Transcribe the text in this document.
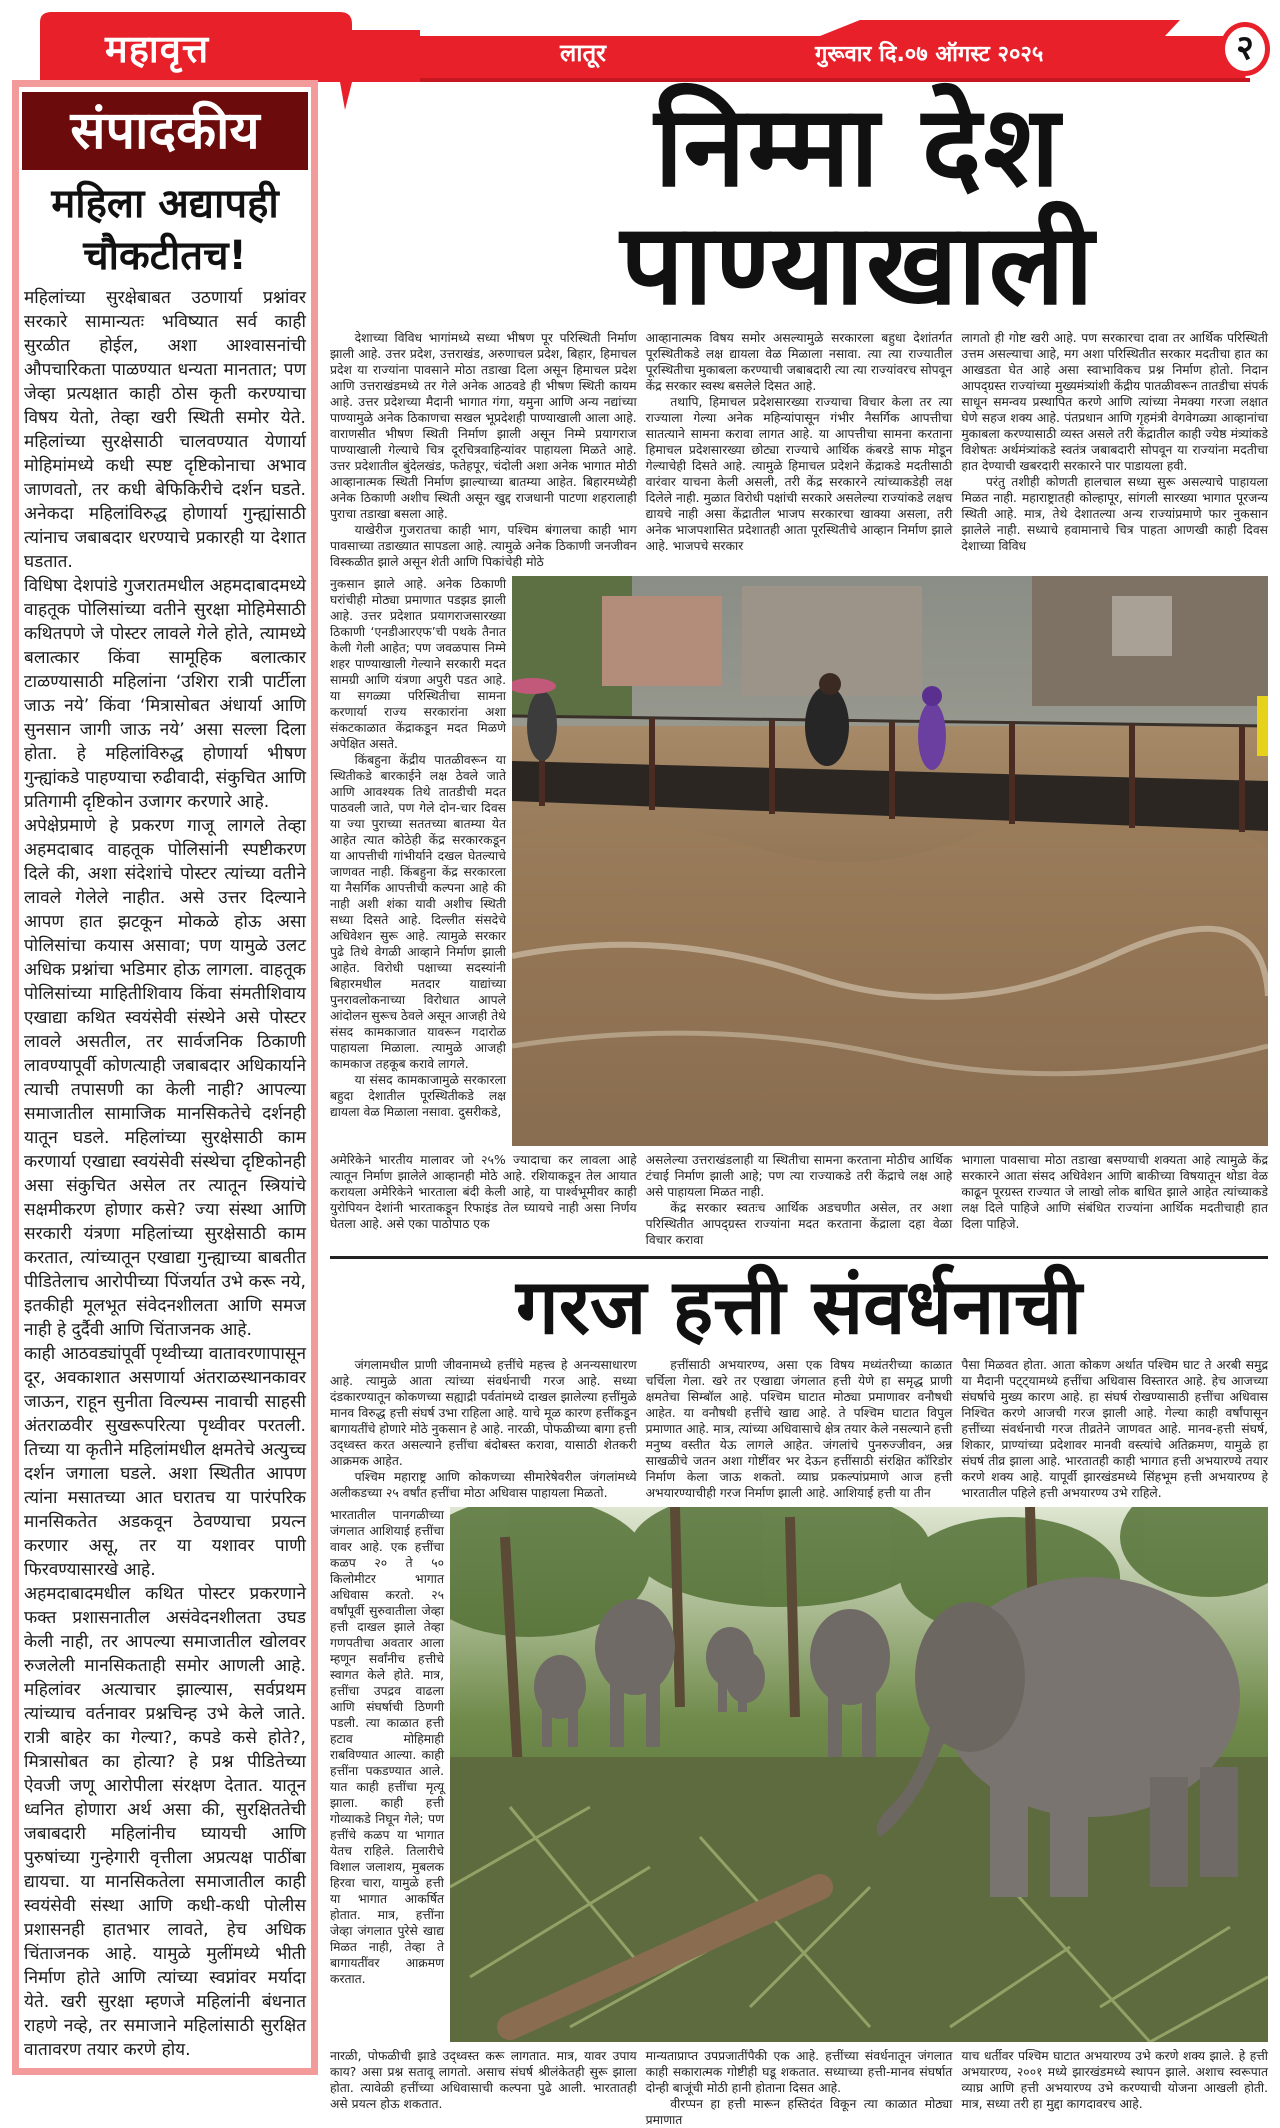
महावृत्त	लातूर	गुरूवार दि.०७ ऑगस्ट २०२५	२
संपादकीय
महिला अद्यापही
चौकटीतच!

महिलांच्या सुरक्षेबाबत उठणार्या प्रश्नांवर सरकारे सामान्यतः भविष्यात सर्व काही सुरळीत होईल, अशा आश्वासनांची औपचारिकता पाळण्यात धन्यता मानतात; पण जेव्हा प्रत्यक्षात काही ठोस कृती करण्याचा विषय येतो, तेव्हा खरी स्थिती समोर येते. महिलांच्या सुरक्षेसाठी चालवण्यात येणार्या मोहिमांमध्ये कधी स्पष्ट दृष्टिकोनाचा अभाव जाणवतो, तर कधी बेफिकिरीचे दर्शन घडते. अनेकदा महिलांविरुद्ध होणार्या गुन्ह्यांसाठी त्यांनाच जबाबदार धरण्याचे प्रकारही या देशात घडतात.

विधिषा देशपांडे गुजरातमधील अहमदाबादमध्ये वाहतूक पोलिसांच्या वतीने सुरक्षा मोहिमेसाठी कथितपणे जे पोस्टर लावले गेले होते, त्यामध्ये बलात्कार किंवा सामूहिक बलात्कार टाळण्यासाठी महिलांना ‘उशिरा रात्री पार्टीला जाऊ नये’ किंवा ‘मित्रासोबत अंधार्या आणि सुनसान जागी जाऊ नये’ असा सल्ला दिला होता. हे महिलांविरुद्ध होणार्या भीषण गुन्ह्यांकडे पाहण्याचा रुढीवादी, संकुचित आणि प्रतिगामी दृष्टिकोन उजागर करणारे आहे.

अपेक्षेप्रमाणे हे प्रकरण गाजू लागले तेव्हा अहमदाबाद वाहतूक पोलिसांनी स्पष्टीकरण दिले की, अशा संदेशांचे पोस्टर त्यांच्या वतीने लावले गेलेले नाहीत. असे उत्तर दिल्याने आपण हात झटकून मोकळे होऊ असा पोलिसांचा कयास असावा; पण यामुळे उलट अधिक प्रश्नांचा भडिमार होऊ लागला. वाहतूक पोलिसांच्या माहितीशिवाय किंवा संमतीशिवाय एखाद्या कथित स्वयंसेवी संस्थेने असे पोस्टर लावले असतील, तर सार्वजनिक ठिकाणी लावण्यापूर्वी कोणत्याही जबाबदार अधिकार्याने त्याची तपासणी का केली नाही? आपल्या समाजातील सामाजिक मानसिकतेचे दर्शनही यातून घडले. महिलांच्या सुरक्षेसाठी काम करणार्या एखाद्या स्वयंसेवी संस्थेचा दृष्टिकोनही असा संकुचित असेल तर त्यातून स्त्रियांचे सक्षमीकरण होणार कसे? ज्या संस्था आणि सरकारी यंत्रणा महिलांच्या सुरक्षेसाठी काम करतात, त्यांच्यातून एखाद्या गुन्ह्याच्या बाबतीत पीडितेलाच आरोपीच्या पिंजर्यात उभे करू नये, इतकीही मूलभूत संवेदनशीलता आणि समज नाही हे दुर्दैवी आणि चिंताजनक आहे.

काही आठवड्यांपूर्वी पृथ्वीच्या वातावरणापासून दूर, अवकाशात असणार्या अंतराळस्थानकावर जाऊन, राहून सुनीता विल्यम्स नावाची साहसी अंतराळवीर सुखरूपरित्या पृथ्वीवर परतली. तिच्या या कृतीने महिलांमधील क्षमतेचे अत्युच्च दर्शन जगाला घडले. अशा स्थितीत आपण त्यांना मसातच्या आत घरातच या पारंपरिक मानसिकतेत अडकवून ठेवण्याचा प्रयत्न करणार असू, तर या यशावर पाणी फिरवण्यासारखे आहे.

अहमदाबादमधील कथित पोस्टर प्रकरणाने फक्त प्रशासनातील असंवेदनशीलता उघड केली नाही, तर आपल्या समाजातील खोलवर रुजलेली मानसिकताही समोर आणली आहे. महिलांवर अत्याचार झाल्यास, सर्वप्रथम त्यांच्याच वर्तनावर प्रश्नचिन्ह उभे केले जाते. रात्री बाहेर का गेल्या?, कपडे कसे होते?, मित्रासोबत का होत्या? हे प्रश्न पीडितेच्या ऐवजी जणू आरोपीला संरक्षण देतात. यातून ध्वनित होणारा अर्थ असा की, सुरक्षिततेची जबाबदारी महिलांनीच घ्यायची आणि पुरुषांच्या गुन्हेगारी वृत्तीला अप्रत्यक्ष पाठींबा द्यायचा. या मानसिकतेला समाजातील काही स्वयंसेवी संस्था आणि कधी-कधी पोलीस प्रशासनही हातभार लावते, हेच अधिक चिंताजनक आहे. यामुळे मुलींमध्ये भीती निर्माण होते आणि त्यांच्या स्वप्नांवर मर्यादा येते. खरी सुरक्षा म्हणजे महिलांनी बंधनात राहणे नव्हे, तर समाजाने महिलांसाठी सुरक्षित वातावरण तयार करणे होय.

निम्मा देश पाण्याखाली

देशाच्या विविध भागांमध्ये सध्या भीषण पूर परिस्थिती निर्माण झाली आहे. उत्तर प्रदेश, उत्तराखंड, अरुणाचल प्रदेश, बिहार, हिमाचल प्रदेश या राज्यांना पावसाने मोठा तडाखा दिला असून हिमाचल प्रदेश आणि उत्तराखंडमध्ये तर गेले अनेक आठवडे ही भीषण स्थिती कायम आहे. उत्तर प्रदेशच्या मैदानी भागात गंगा, यमुना आणि अन्य नद्यांच्या पाण्यामुळे अनेक ठिकाणचा सखल भूप्रदेशही पाण्याखाली आला आहे. वाराणसीत भीषण स्थिती निर्माण झाली असून निम्मे प्रयागराज पाण्याखाली गेल्याचे चित्र दूरचित्रवाहिन्यांवर पाहायला मिळते आहे. उत्तर प्रदेशातील बुंदेलखंड, फतेहपूर, चंदोली अशा अनेक भागात मोठी आव्हानात्मक स्थिती निर्माण झाल्याच्या बातम्या आहेत. बिहारमध्येही अनेक ठिकाणी अशीच स्थिती असून खुद्द राजधानी पाटणा शहरालाही पुराचा तडाखा बसला आहे.

याखेरीज गुजरातचा काही भाग, पश्चिम बंगालचा काही भाग पावसाच्या तडाख्यात सापडला आहे. त्यामुळे अनेक ठिकाणी जनजीवन विस्कळीत झाले असून शेती आणि पिकांचेही मोठे

आव्हानात्मक विषय समोर असल्यामुळे सरकारला बहुधा देशांतर्गत पूरस्थितीकडे लक्ष द्यायला वेळ मिळाला नसावा. त्या त्या राज्यातील पूरस्थितीचा मुकाबला करण्याची जबाबदारी त्या त्या राज्यांवरच सोपवून केंद्र सरकार स्वस्थ बसलेले दिसत आहे.

तथापि, हिमाचल प्रदेशसारख्या राज्याचा विचार केला तर त्या राज्याला गेल्या अनेक महिन्यांपासून गंभीर नैसर्गिक आपत्तीचा सातत्याने सामना करावा लागत आहे. या आपत्तीचा सामना करताना हिमाचल प्रदेशसारख्या छोट्या राज्याचे आर्थिक कंबरडे साफ मोडून गेल्याचेही दिसते आहे. त्यामुळे हिमाचल प्रदेशने केंद्राकडे मदतीसाठी वारंवार याचना केली असली, तरी केंद्र सरकारने त्यांच्याकडेही लक्ष दिलेले नाही. मुळात विरोधी पक्षांची सरकारे असलेल्या राज्यांकडे लक्षच द्यायचे नाही असा केंद्रातील भाजप सरकारचा खाक्या असला, तरी अनेक भाजपशासित प्रदेशातही आता पूरस्थितीचे आव्हान निर्माण झाले आहे. भाजपचे सरकार

लागतो ही गोष्ट खरी आहे. पण सरकारचा दावा तर आर्थिक परिस्थिती उत्तम असल्याचा आहे, मग अशा परिस्थितीत सरकार मदतीचा हात का आखडता घेत आहे असा स्वाभाविकच प्रश्न निर्माण होतो. निदान आपद्ग्रस्त राज्यांच्या मुख्यमंत्र्यांशी केंद्रीय पातळीवरून तातडीचा संपर्क साधून समन्वय प्रस्थापित करणे आणि त्यांच्या नेमक्या गरजा लक्षात घेणे सहज शक्य आहे. पंतप्रधान आणि गृहमंत्री वेगवेगळ्या आव्हानांचा मुकाबला करण्यासाठी व्यस्त असले तरी केंद्रातील काही ज्येष्ठ मंत्र्यांकडे विशेषतः अर्थमंत्र्यांकडे स्वतंत्र जबाबदारी सोपवून या राज्यांना मदतीचा हात देण्याची खबरदारी सरकारने पार पाडायला हवी.

परंतु तशीही कोणती हालचाल सध्या सुरू असल्याचे पाहायला मिळत नाही. महाराष्ट्रातही कोल्हापूर, सांगली सारख्या भागात पूरजन्य स्थिती आहे. मात्र, तेथे देशातल्या अन्य राज्यांप्रमाणे फार नुकसान झालेले नाही. सध्याचे हवामानाचे चित्र पाहता आणखी काही दिवस देशाच्या विविध

नुकसान झाले आहे. अनेक ठिकाणी घरांचीही मोठ्या प्रमाणात पडझड झाली आहे. उत्तर प्रदेशात प्रयागराजसारख्या ठिकाणी ‘एनडीआरएफ’ची पथके तैनात केली गेली आहेत; पण जवळपास निम्मे शहर पाण्याखाली गेल्याने सरकारी मदत सामग्री आणि यंत्रणा अपुरी पडत आहे. या सगळ्या परिस्थितीचा सामना करणार्या राज्य सरकारांना अशा संकटकाळात केंद्राकडून मदत मिळणे अपेक्षित असते.

किंबहुना केंद्रीय पातळीवरून या स्थितीकडे बारकाईने लक्ष ठेवले जाते आणि आवश्यक तिथे तातडीची मदत पाठवली जाते, पण गेले दोन-चार दिवस या ज्या पुराच्या सततच्या बातम्या येत आहेत त्यात कोठेही केंद्र सरकारकडून या आपत्तीची गांभीर्याने दखल घेतल्याचे जाणवत नाही. किंबहुना केंद्र सरकारला या नैसर्गिक आपत्तीची कल्पना आहे की नाही अशी शंका यावी अशीच स्थिती सध्या दिसते आहे. दिल्लीत संसदेचे अधिवेशन सुरू आहे. त्यामुळे सरकार पुढे तिथे वेगळी आव्हाने निर्माण झाली आहेत. विरोधी पक्षाच्या सदस्यांनी बिहारमधील मतदार याद्यांच्या पुनरावलोकनाच्या विरोधात आपले आंदोलन सुरूच ठेवले असून आजही तेथे संसद कामकाजात यावरून गदारोळ पाहायला मिळाला. त्यामुळे आजही कामकाज तहकूब करावे लागले.

या संसद कामकाजामुळे सरकारला बहुदा देशातील पूरस्थितीकडे लक्ष द्यायला वेळ मिळाला नसावा. दुसरीकडे,

अमेरिकेने भारतीय मालावर जो २५% ज्यादाचा कर लावला आहे त्यातून निर्माण झालेले आव्हानही मोठे आहे. रशियाकडून तेल आयात करायला अमेरिकेने भारताला बंदी केली आहे, या पार्श्वभूमीवर काही युरोपियन देशांनी भारताकडून रिफाइंड तेल घ्यायचे नाही असा निर्णय घेतला आहे. असे एका पाठोपाठ एक

असलेल्या उत्तराखंडलाही या स्थितीचा सामना करताना मोठीच आर्थिक टंचाई निर्माण झाली आहे; पण त्या राज्याकडे तरी केंद्राचे लक्ष आहे असे पाहायला मिळत नाही.

केंद्र सरकार स्वतःच आर्थिक अडचणीत असेल, तर अशा परिस्थितीत आपद्ग्रस्त राज्यांना मदत करताना केंद्राला दहा वेळा विचार करावा

भागाला पावसाचा मोठा तडाखा बसण्याची शक्यता आहे त्यामुळे केंद्र सरकारने आता संसद अधिवेशन आणि बाकीच्या विषयातून थोडा वेळ काढून पूरग्रस्त राज्यात जे लाखो लोक बाधित झाले आहेत त्यांच्याकडे लक्ष दिले पाहिजे आणि संबंधित राज्यांना आर्थिक मदतीचाही हात दिला पाहिजे.

गरज हत्ती संवर्धनाची

जंगलामधील प्राणी जीवनामध्ये हत्तींचे महत्त्व हे अनन्यसाधारण आहे. त्यामुळे आता त्यांच्या संवर्धनाची गरज आहे. सध्या दंडकारण्यातून कोकणच्या सह्याद्री पर्वतांमध्ये दाखल झालेल्या हत्तींमुळे मानव विरुद्ध हत्ती संघर्ष उभा राहिला आहे. याचे मूळ कारण हत्तींकडून बागायतींचे होणारे मोठे नुकसान हे आहे. नारळी, पोफळीच्या बागा हत्ती उद्ध्वस्त करत असल्याने हत्तींचा बंदोबस्त करावा, यासाठी शेतकरी आक्रमक आहेत.

पश्चिम महाराष्ट्र आणि कोकणच्या सीमारेषेवरील जंगलांमध्ये अलीकडच्या २५ वर्षांत हत्तींचा मोठा अधिवास पाहायला मिळतो.

हत्तींसाठी अभयारण्य, असा एक विषय मध्यंतरीच्या काळात चर्चिला गेला. खरे तर एखाद्या जंगलात हत्ती येणे हा समृद्ध प्राणी क्षमतेचा सिम्बॉल आहे. पश्चिम घाटात मोठ्या प्रमाणावर वनौषधी आहेत. या वनौषधी हत्तींचे खाद्य आहे. ते पश्चिम घाटात विपुल प्रमाणात आहे. मात्र, त्यांच्या अधिवासाचे क्षेत्र तयार केले नसल्याने हत्ती मनुष्य वस्तीत येऊ लागले आहेत. जंगलांचे पुनरुज्जीवन, अन्न साखळीचे जतन अशा गोष्टींवर भर देऊन हत्तींसाठी संरक्षित कॉरिडोर निर्माण केला जाऊ शकतो. व्याघ्र प्रकल्पांप्रमाणे आज हत्ती अभयारण्याचीही गरज निर्माण झाली आहे. आशियाई हत्ती या तीन

पैसा मिळवत होता. आता कोकण अर्थात पश्चिम घाट ते अरबी समुद्र या मैदानी पट्ट्यामध्ये हत्तींचा अधिवास विस्तारत आहे. हेच आजच्या संघर्षाचे मुख्य कारण आहे. हा संघर्ष रोखण्यासाठी हत्तींचा अधिवास निश्चित करणे आजची गरज झाली आहे. गेल्या काही वर्षांपासून हत्तींच्या संवर्धनाची गरज तीव्रतेने जाणवत आहे. मानव-हत्ती संघर्ष, शिकार, प्राण्यांच्या प्रदेशावर मानवी वस्त्यांचे अतिक्रमण, यामुळे हा संघर्ष तीव्र झाला आहे. भारतातही काही भागात हत्ती अभयारण्ये तयार करणे शक्य आहे. यापूर्वी झारखंडमध्ये सिंहभूम हत्ती अभयारण्य हे भारतातील पहिले हत्ती अभयारण्य उभे राहिले.

भारतातील पानगळीच्या जंगलात आशियाई हत्तींचा वावर आहे. एक हत्तींचा कळप २० ते ५० किलोमीटर भागात अधिवास करतो. २५ वर्षांपूर्वी सुरुवातीला जेव्हा हत्ती दाखल झाले तेव्हा गणपतीचा अवतार आला म्हणून सर्वांनीच हत्तीचे स्वागत केले होते. मात्र, हत्तींचा उपद्रव वाढला आणि संघर्षाची ठिणगी पडली. त्या काळात हत्ती हटाव मोहिमाही राबविण्यात आल्या. काही हत्तींना पकडण्यात आले. यात काही हत्तींचा मृत्यू झाला. काही हत्ती गोव्याकडे निघून गेले; पण हत्तींचे कळप या भागात येतच राहिले. तिलारीचे विशाल जलाशय, मुबलक हिरवा चारा, यामुळे हत्ती या भागात आकर्षित होतात. मात्र, हत्तींना जेव्हा जंगलात पुरेसे खाद्य मिळत नाही, तेव्हा ते बागायतींवर आक्रमण करतात.

नारळी, पोफळीची झाडे उद्ध्वस्त करू लागतात. मात्र, यावर उपाय काय? असा प्रश्न सतावू लागतो. असाच संघर्ष श्रीलंकेतही सुरू झाला होता. त्यावेळी हत्तींच्या अधिवासाची कल्पना पुढे आली. भारतातही असे प्रयत्न होऊ शकतात.

मान्यताप्राप्त उपप्रजातींपैकी एक आहे. हत्तींच्या संवर्धनातून जंगलात काही सकारात्मक गोष्टीही घडू शकतात. सध्याच्या हत्ती-मानव संघर्षात दोन्ही बाजूंची मोठी हानी होताना दिसत आहे.

वीरप्पन हा हत्ती मारून हस्तिदंत विकून त्या काळात मोठ्या प्रमाणात

याच धर्तीवर पश्चिम घाटात अभयारण्य उभे करणे शक्य झाले. हे हत्ती अभयारण्य, २००१ मध्ये झारखंडमध्ये स्थापन झाले. अशाच स्वरूपात व्याघ्र आणि हत्ती अभयारण्य उभे करण्याची योजना आखली होती. मात्र, सध्या तरी हा मुद्दा कागदावरच आहे.
